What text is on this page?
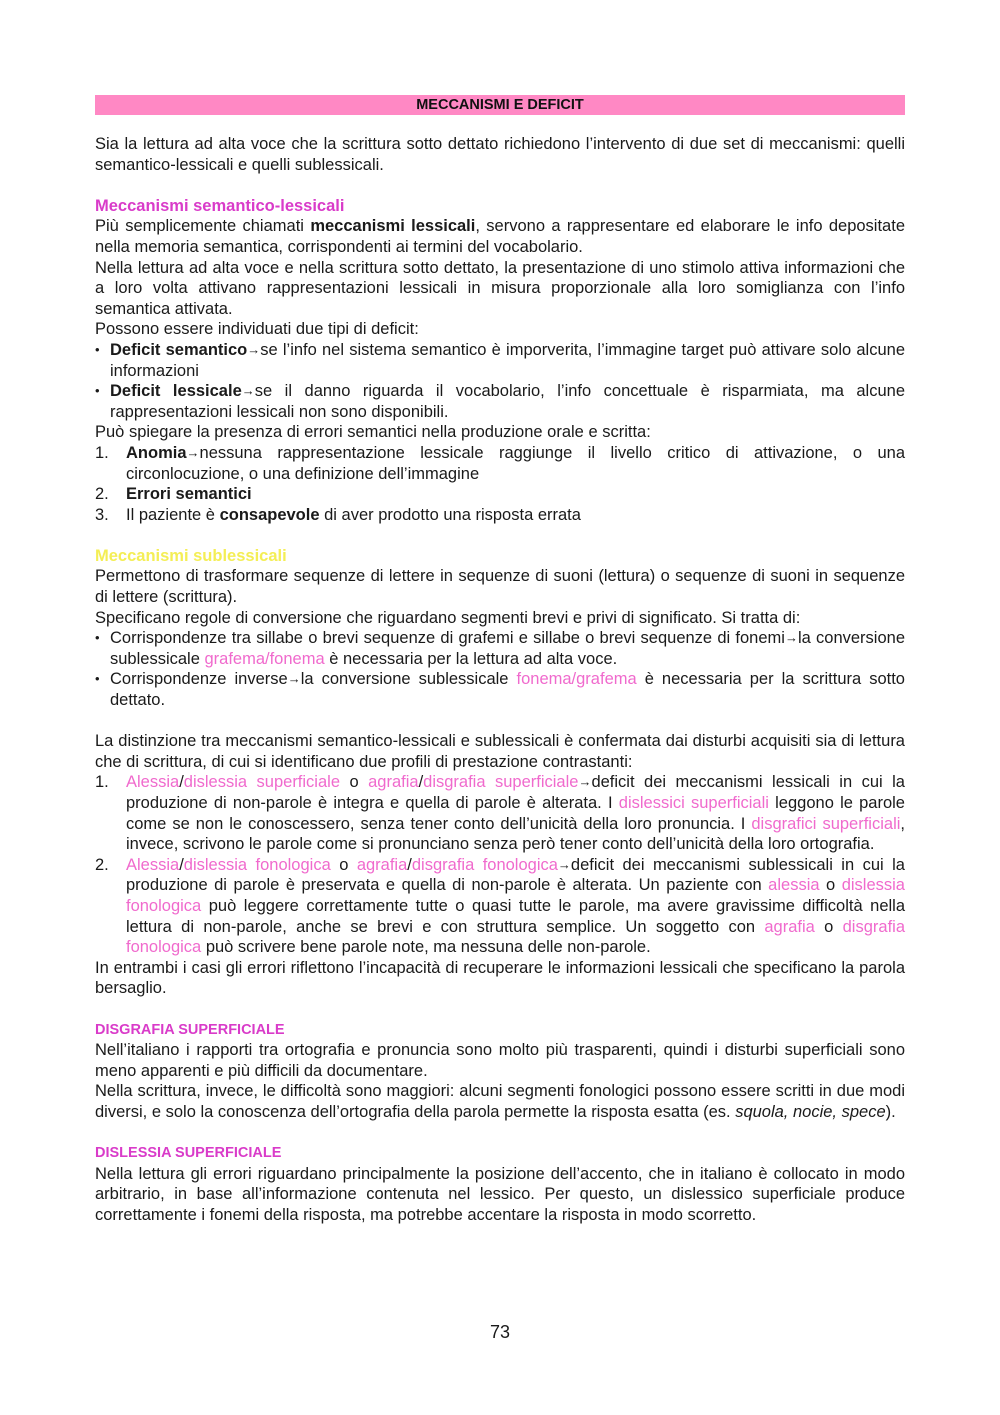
MECCANISMI E DEFICIT

Sia la lettura ad alta voce che la scrittura sotto dettato richiedono l’intervento di due set di meccanismi: quelli semantico-lessicali e quelli sublessicali.

Meccanismi semantico-lessicali

Più semplicemente chiamati meccanismi lessicali, servono a rappresentare ed elaborare le info depositate nella memoria semantica, corrispondenti ai termini del vocabolario.

Nella lettura ad alta voce e nella scrittura sotto dettato, la presentazione di uno stimolo attiva informazioni che a loro volta attivano rappresentazioni lessicali in misura proporzionale alla loro somiglianza con l’info semantica attivata.

Possono essere individuati due tipi di deficit:

• Deficit semantico→se l’info nel sistema semantico è imporverita, l’immagine target può attivare solo alcune informazioni
• Deficit lessicale→se il danno riguarda il vocabolario, l’info concettuale è risparmiata, ma alcune rappresentazioni lessicali non sono disponibili.

Può spiegare la presenza di errori semantici nella produzione orale e scritta:

1. Anomia→nessuna rappresentazione lessicale raggiunge il livello critico di attivazione, o una circonlocuzione, o una definizione dell’immagine
2. Errori semantici
3. Il paziente è consapevole di aver prodotto una risposta errata
Meccanismi sublessicali

Permettono di trasformare sequenze di lettere in sequenze di suoni (lettura) o sequenze di suoni in sequenze di lettere (scrittura).

Specificano regole di conversione che riguardano segmenti brevi e privi di significato. Si tratta di:

• Corrispondenze tra sillabe o brevi sequenze di grafemi e sillabe o brevi sequenze di fonemi→la conversione sublessicale grafema/fonema è necessaria per la lettura ad alta voce.
• Corrispondenze inverse→la conversione sublessicale fonema/grafema è necessaria per la scrittura sotto dettato.

La distinzione tra meccanismi semantico-lessicali e sublessicali è confermata dai disturbi acquisiti sia di lettura che di scrittura, di cui si identificano due profili di prestazione contrastanti:

1. Alessia/dislessia superficiale o agrafia/disgrafia superficiale→deficit dei meccanismi lessicali in cui la produzione di non-parole è integra e quella di parole è alterata. I dislessici superficiali leggono le parole come se non le conoscessero, senza tener conto dell’unicità della loro pronuncia. I disgrafici superficiali, invece, scrivono le parole come si pronunciano senza però tener conto dell’unicità della loro ortografia.
2. Alessia/dislessia fonologica o agrafia/disgrafia fonologica→deficit dei meccanismi sublessicali in cui la produzione di parole è preservata e quella di non-parole è alterata. Un paziente con alessia o dislessia fonologica può leggere correttamente tutte o quasi tutte le parole, ma avere gravissime difficoltà nella lettura di non-parole, anche se brevi e con struttura semplice. Un soggetto con agrafia o disgrafia fonologica può scrivere bene parole note, ma nessuna delle non-parole.

In entrambi i casi gli errori riflettono l’incapacità di recuperare le informazioni lessicali che specificano la parola bersaglio.

DISGRAFIA SUPERFICIALE

Nell’italiano i rapporti tra ortografia e pronuncia sono molto più trasparenti, quindi i disturbi superficiali sono meno apparenti e più difficili da documentare.

Nella scrittura, invece, le difficoltà sono maggiori: alcuni segmenti fonologici possono essere scritti in due modi diversi, e solo la conoscenza dell’ortografia della parola permette la risposta esatta (es. squola, nocie, spece).

DISLESSIA SUPERFICIALE

Nella lettura gli errori riguardano principalmente la posizione dell’accento, che in italiano è collocato in modo arbitrario, in base all’informazione contenuta nel lessico. Per questo, un dislessico superficiale produce correttamente i fonemi della risposta, ma potrebbe accentare la risposta in modo scorretto.

73
